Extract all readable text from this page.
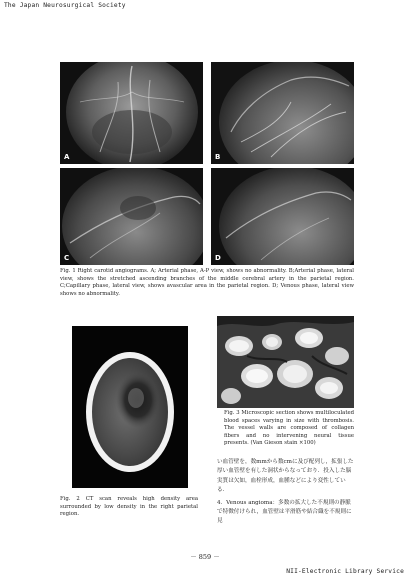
The Japan Neurosurgical Society
A	B
C	D
Fig. 1 Right carotid angiograms. A; Arterial phase, A-P view, shows no abnormality. B;Arterial phase, lateral view, shows the stretched ascending branches of the middle cerebral artery in the parietal region. C;Capillary phase, lateral view, shows avascular area in the parietal region. D; Venous phase, lateral view shows no abnormality.
Fig. 2 CT scan reveals high density area surrounded by low density in the right parietal region.
Fig. 3 Microscopic section shows multiloculated blood spaces varying in size with thrombosis. The vessel walls are composed of collagen fibers and no intervening neural tissue presents. (Van Gieson stain ×100)

い血管壁を，数mmから数cmに及び配列し，拡張した厚い血管壁を有した洞状からなっており．投入した脳実質は欠如，血栓形成，血腫などにより変性している．

4．Venous angioma：多数の拡大した不規則の静脈で特徴付けられ，血管壁は平滑筋や結合織を不規則に見

－ 859 －
NII-Electronic Library Service
